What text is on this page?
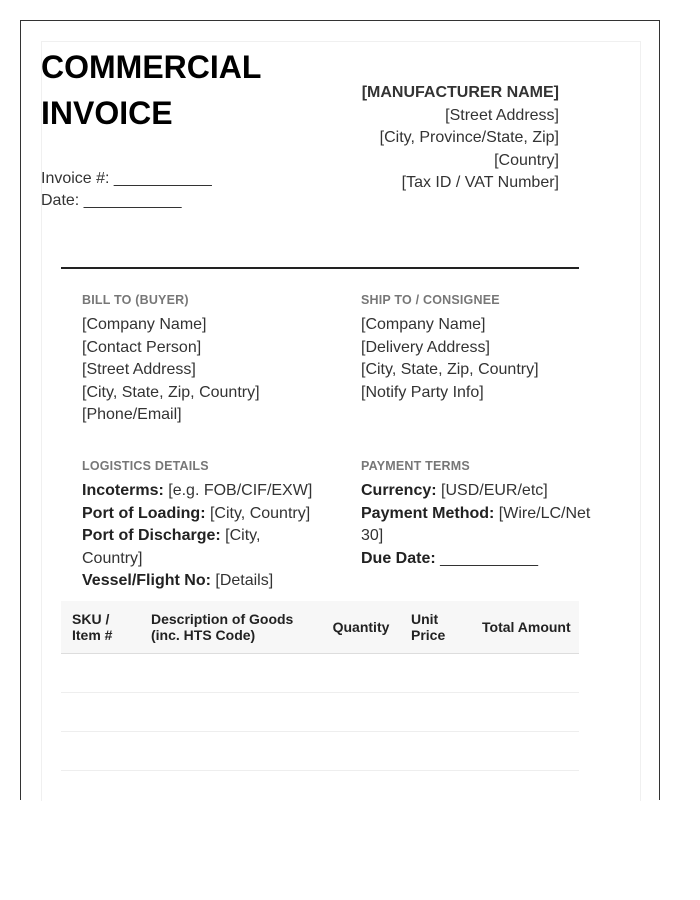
COMMERCIAL INVOICE
Invoice #: ___________
Date: ___________
[MANUFACTURER NAME]
[Street Address]
[City, Province/State, Zip]
[Country]
[Tax ID / VAT Number]
BILL TO (BUYER)
[Company Name]
[Contact Person]
[Street Address]
[City, State, Zip, Country]
[Phone/Email]
SHIP TO / CONSIGNEE
[Company Name]
[Delivery Address]
[City, State, Zip, Country]
[Notify Party Info]
LOGISTICS DETAILS
Incoterms: [e.g. FOB/CIF/EXW]
Port of Loading: [City, Country]
Port of Discharge: [City, Country]
Vessel/Flight No: [Details]
PAYMENT TERMS
Currency: [USD/EUR/etc]
Payment Method: [Wire/LC/Net 30]
Due Date: ___________
SKU / Item #	Description of Goods (inc. HTS Code)	Quantity	Unit Price	Total Amount
